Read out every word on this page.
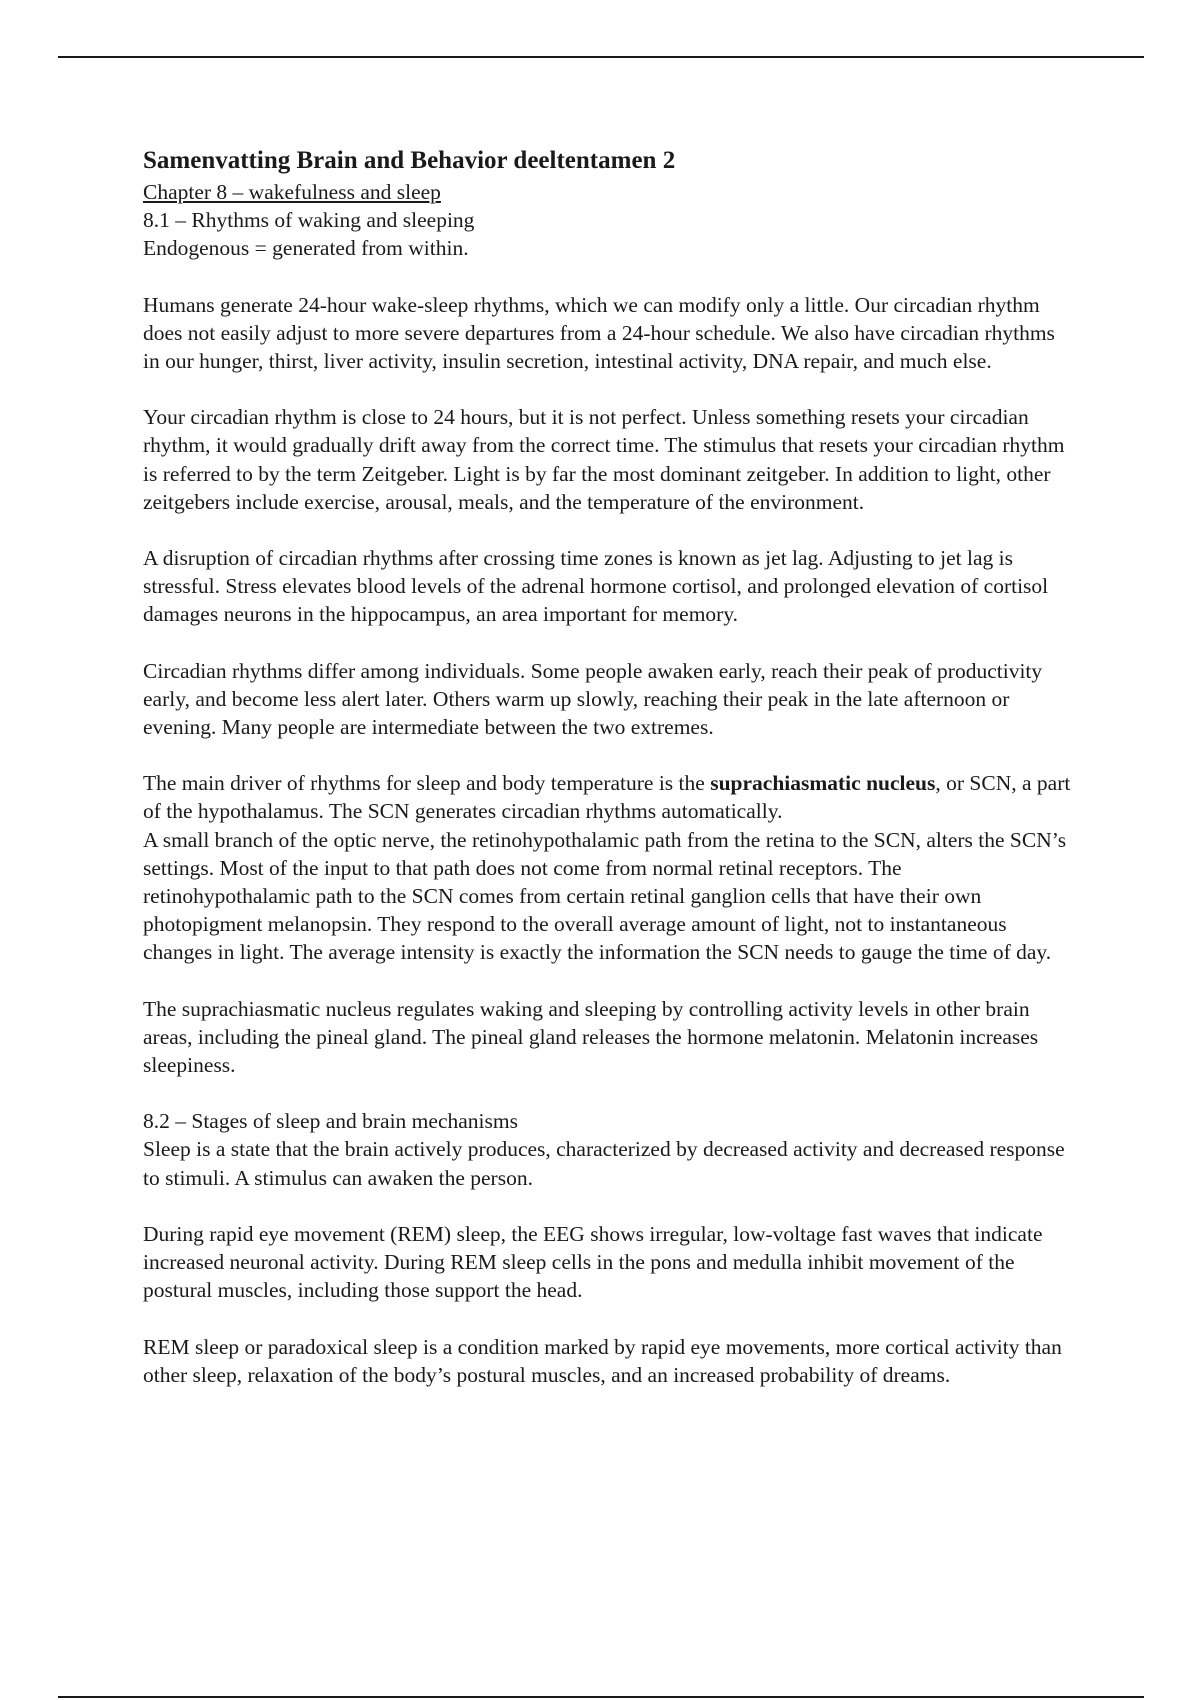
Samenvatting Brain and Behavior deeltentamen 2
Chapter 8 – wakefulness and sleep
8.1 – Rhythms of waking and sleeping
Endogenous = generated from within.

Humans generate 24-hour wake-sleep rhythms, which we can modify only a little. Our circadian rhythm does not easily adjust to more severe departures from a 24-hour schedule. We also have circadian rhythms in our hunger, thirst, liver activity, insulin secretion, intestinal activity, DNA repair, and much else.

Your circadian rhythm is close to 24 hours, but it is not perfect. Unless something resets your circadian rhythm, it would gradually drift away from the correct time. The stimulus that resets your circadian rhythm is referred to by the term Zeitgeber. Light is by far the most dominant zeitgeber. In addition to light, other zeitgebers include exercise, arousal, meals, and the temperature of the environment.

A disruption of circadian rhythms after crossing time zones is known as jet lag. Adjusting to jet lag is stressful. Stress elevates blood levels of the adrenal hormone cortisol, and prolonged elevation of cortisol damages neurons in the hippocampus, an area important for memory.

Circadian rhythms differ among individuals. Some people awaken early, reach their peak of productivity early, and become less alert later. Others warm up slowly, reaching their peak in the late afternoon or evening. Many people are intermediate between the two extremes.

The main driver of rhythms for sleep and body temperature is the suprachiasmatic nucleus, or SCN, a part of the hypothalamus. The SCN generates circadian rhythms automatically.
A small branch of the optic nerve, the retinohypothalamic path from the retina to the SCN, alters the SCN’s settings. Most of the input to that path does not come from normal retinal receptors. The retinohypothalamic path to the SCN comes from certain retinal ganglion cells that have their own photopigment melanopsin. They respond to the overall average amount of light, not to instantaneous changes in light. The average intensity is exactly the information the SCN needs to gauge the time of day.

The suprachiasmatic nucleus regulates waking and sleeping by controlling activity levels in other brain areas, including the pineal gland. The pineal gland releases the hormone melatonin. Melatonin increases sleepiness.

8.2 – Stages of sleep and brain mechanisms

Sleep is a state that the brain actively produces, characterized by decreased activity and decreased response to stimuli. A stimulus can awaken the person.

During rapid eye movement (REM) sleep, the EEG shows irregular, low-voltage fast waves that indicate increased neuronal activity. During REM sleep cells in the pons and medulla inhibit movement of the postural muscles, including those support the head.

REM sleep or paradoxical sleep is a condition marked by rapid eye movements, more cortical activity than other sleep, relaxation of the body’s postural muscles, and an increased probability of dreams.
